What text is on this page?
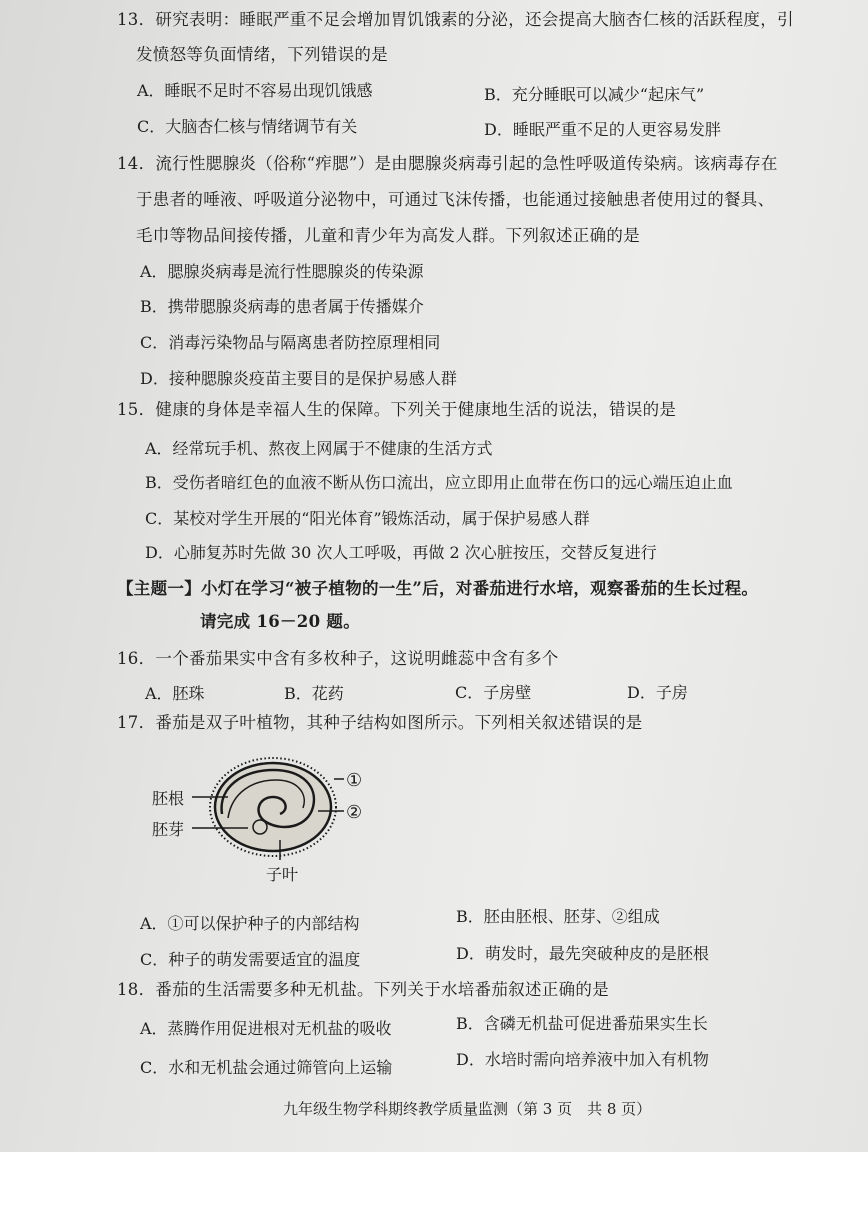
13．研究表明：睡眠严重不足会增加胃饥饿素的分泌，还会提高大脑杏仁核的活跃程度，引
发愤怒等负面情绪，下列错误的是
A．睡眠不足时不容易出现饥饿感	B．充分睡眠可以减少“起床气”
C．大脑杏仁核与情绪调节有关	D．睡眠严重不足的人更容易发胖
14．流行性腮腺炎（俗称“痄腮”）是由腮腺炎病毒引起的急性呼吸道传染病。该病毒存在
于患者的唾液、呼吸道分泌物中，可通过飞沫传播，也能通过接触患者使用过的餐具、
毛巾等物品间接传播，儿童和青少年为高发人群。下列叙述正确的是
A．腮腺炎病毒是流行性腮腺炎的传染源
B．携带腮腺炎病毒的患者属于传播媒介
C．消毒污染物品与隔离患者防控原理相同
D．接种腮腺炎疫苗主要目的是保护易感人群
15．健康的身体是幸福人生的保障。下列关于健康地生活的说法，错误的是
A．经常玩手机、熬夜上网属于不健康的生活方式
B．受伤者暗红色的血液不断从伤口流出，应立即用止血带在伤口的远心端压迫止血
C．某校对学生开展的“阳光体育”锻炼活动，属于保护易感人群
D．心肺复苏时先做 30 次人工呼吸，再做 2 次心脏按压，交替反复进行
【主题一】小灯在学习“被子植物的一生”后，对番茄进行水培，观察番茄的生长过程。
请完成 16－20 题。
16．一个番茄果实中含有多枚种子，这说明雌蕊中含有多个
A．胚珠	B．花药	C．子房壁	D．子房
17．番茄是双子叶植物，其种子结构如图所示。下列相关叙述错误的是
胚根
胚芽
①
②
子叶
A．①可以保护种子的内部结构	B．胚由胚根、胚芽、②组成
C．种子的萌发需要适宜的温度	D．萌发时，最先突破种皮的是胚根
18．番茄的生活需要多种无机盐。下列关于水培番茄叙述正确的是
A．蒸腾作用促进根对无机盐的吸收	B．含磷无机盐可促进番茄果实生长
C．水和无机盐会通过筛管向上运输	D．水培时需向培养液中加入有机物
九年级生物学科期终教学质量监测（第 3 页　共 8 页）
